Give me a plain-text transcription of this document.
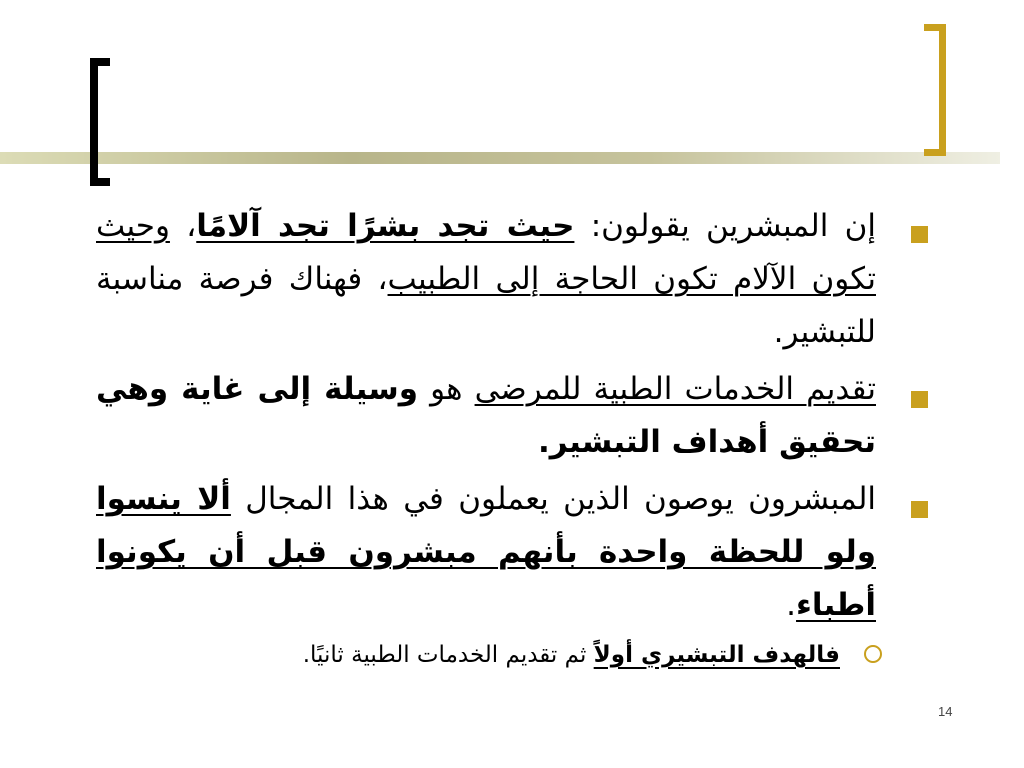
إن المبشرين يقولون: حيث تجد بشرًا تجد آلامًا، وحيث تكون الآلام تكون الحاجة إلى الطبيب، فهناك فرصة مناسبة للتبشير.
تقديم الخدمات الطبية للمرضى هو وسيلة إلى غاية وهي تحقيق أهداف التبشير.
المبشرون يوصون الذين يعملون في هذا المجال ألا ينسوا ولو للحظة واحدة بأنهم مبشرون قبل أن يكونوا أطباء.
فالهدف التبشيري أولاً ثم تقديم الخدمات الطبية ثانيًا.
14
